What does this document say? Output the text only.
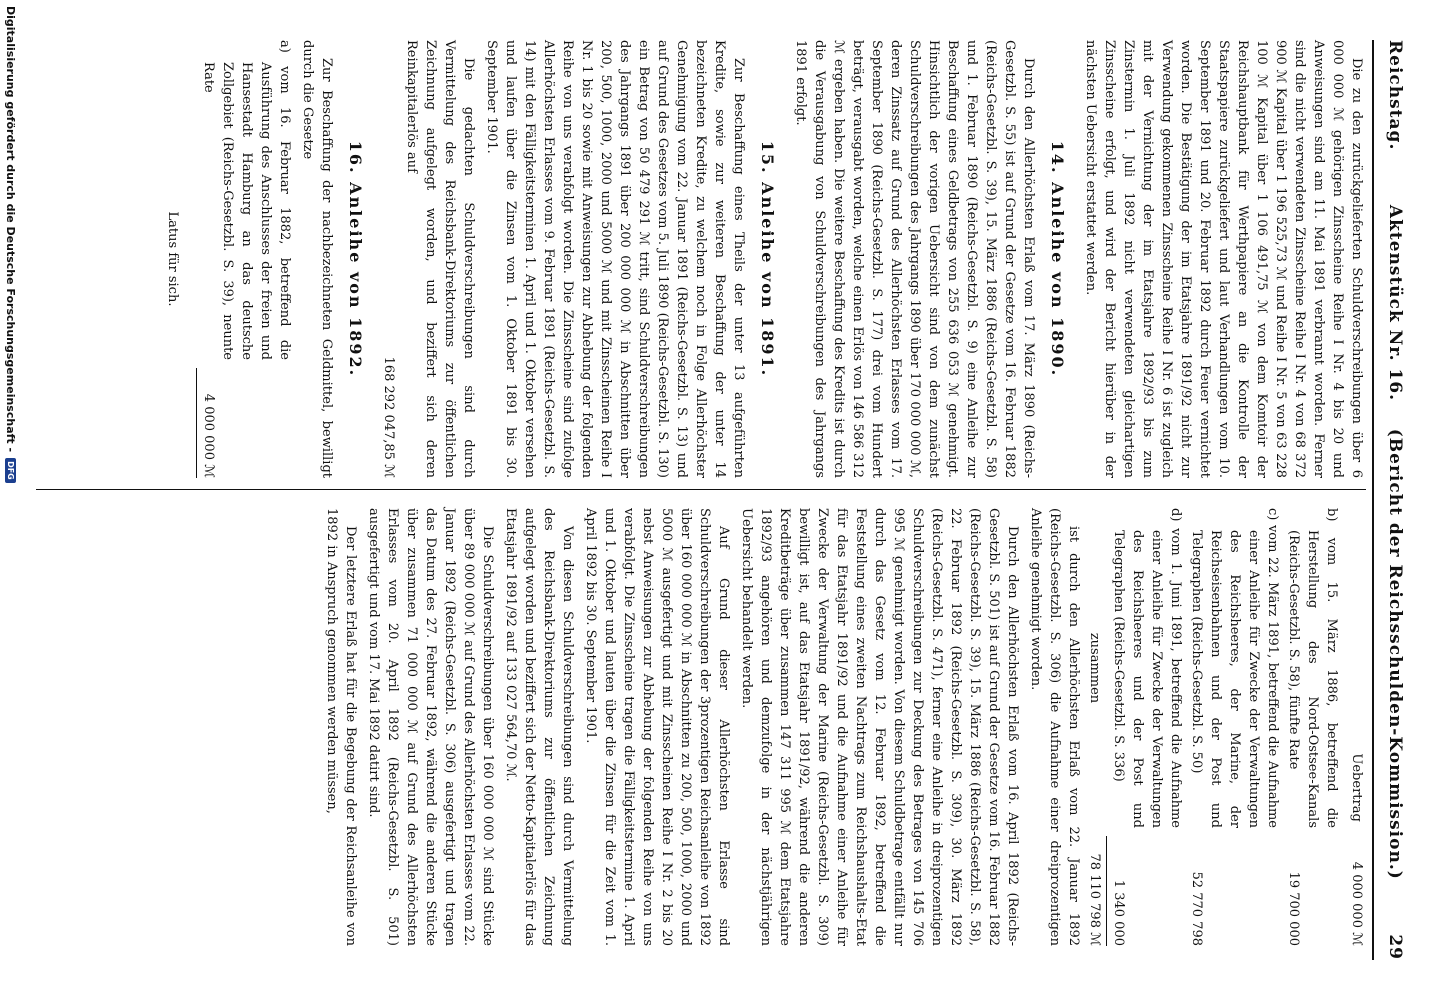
Reichstag.
Aktenstück Nr. 16.    (Bericht der Reichsschulden-Kommission.)
29

Die zu den zurückgelieferten Schuldverschreibungen über 6 000 000 ℳ gehörigen Zinsscheine Reihe I Nr. 4 bis 20 und Anweisungen sind am 11. Mai 1891 verbrannt worden. Ferner sind die nicht verwendeten Zinsscheine Reihe I Nr. 4 von 68 372 900 ℳ Kapital über 1 196 525,73 ℳ und Reihe I Nr. 5 von 63 228 100 ℳ Kapital über 1 106 491,75 ℳ von dem Komtoir der Reichshauptbank für Werthpapiere an die Kontrolle der Staatspapiere zurückgeliefert und laut Verhandlungen vom 10. September 1891 und 20. Februar 1892 durch Feuer vernichtet worden. Die Bestätigung der im Etatsjahre 1891/92 nicht zur Verwendung gekommenen Zinsscheine Reihe I Nr. 6 ist zugleich mit der Vernichtung der im Etatsjahre 1892/93 bis zum Zinstermin 1. Juli 1892 nicht verwendeten gleichartigen Zinsscheine erfolgt, und wird der Bericht hierüber in der nächsten Uebersicht erstattet werden.

14. Anleihe von 1890.

Durch den Allerhöchsten Erlaß vom 17. März 1890 (Reichs-Gesetzbl. S. 55) ist auf Grund der Gesetze vom 16. Februar 1882 (Reichs-Gesetzbl. S. 39), 15. März 1886 (Reichs-Gesetzbl. S. 58) und 1. Februar 1890 (Reichs-Gesetzbl. S. 9) eine Anleihe zur Beschaffung eines Geldbetrags von 255 636 053 ℳ genehmigt. Hinsichtlich der vorigen Uebersicht sind von dem zunächst Schuldverschreibungen des Jahrgangs 1890 über 170 000 000 ℳ, deren Zinssatz auf Grund des Allerhöchsten Erlasses vom 17. September 1890 (Reichs-Gesetzbl. S. 177) drei vom Hundert beträgt, verausgabt worden, welche einen Erlös von 146 586 312 ℳ ergeben haben. Die weitere Beschaffung des Kredits ist durch die Verausgabung von Schuldverschreibungen des Jahrgangs 1891 erfolgt.

15. Anleihe von 1891.

Zur Beschaffung eines Theils der unter 13 aufgeführten Kredite, sowie zur weiteren Beschaffung der unter 14 bezeichneten Kredite, zu welchem noch in Folge Allerhöchster Genehmigung vom 22. Januar 1891 (Reichs-Gesetzbl. S. 13) und auf Grund des Gesetzes vom 5. Juli 1890 (Reichs-Gesetzbl. S. 130) ein Betrag von 50 479 291 ℳ tritt, sind Schuldverschreibungen des Jahrgangs 1891 über 200 000 000 ℳ in Abschnitten über 200, 500, 1000, 2000 und 5000 ℳ und mit Zinsscheinen Reihe I Nr. 1 bis 20 sowie mit Anweisungen zur Abhebung der folgenden Reihe von uns verabfolgt worden. Die Zinsscheine sind zufolge Allerhöchsten Erlasses vom 9. Februar 1891 (Reichs-Gesetzbl. S. 14) mit den Fälligkeitsterminen 1. April und 1. Oktober versehen und laufen über die Zinsen vom 1. Oktober 1891 bis 30. September 1901.

Die gedachten Schuldverschreibungen sind durch Vermittelung des Reichsbank-Direktoriums zur öffentlichen Zeichnung aufgelegt worden, und beziffert sich deren Reinkapitalerlös auf

168 292 047,85 ℳ
16. Anleihe von 1892.

Zur Beschaffung der nachbezeichneten Geldmittel, bewilligt durch die Gesetze

a) vom 16. Februar 1882, betreffend die Ausführung des Anschlusses der freien und Hansestadt Hamburg an das deutsche Zollgebiet (Reichs-Gesetzbl. S. 39), neunte Rate
4 000 000 ℳ
Latus für sich.
Uebertrag
4 000 000 ℳ
b) vom 15. März 1886, betreffend die Herstellung des Nord-Ostsee-Kanals (Reichs-Gesetzbl. S. 58), fünfte Rate
19 700 000
c) vom 22. März 1891, betreffend die Aufnahme einer Anleihe für Zwecke der Verwaltungen des Reichsheeres, der Marine, der Reichseisenbahnen und der Post und Telegraphen (Reichs-Gesetzbl. S. 50)
52 770 798
d) vom 1. Juni 1891, betreffend die Aufnahme einer Anleihe für Zwecke der Verwaltungen des Reichsheeres und der Post und Telegraphen (Reichs-Gesetzbl. S. 336)
1 340 000
zusammen
78 110 798 ℳ

ist durch den Allerhöchsten Erlaß vom 22. Januar 1892 (Reichs-Gesetzbl. S. 306) die Aufnahme einer dreiprozentigen Anleihe genehmigt worden.

Durch den Allerhöchsten Erlaß vom 16. April 1892 (Reichs-Gesetzbl. S. 501) ist auf Grund der Gesetze vom 16. Februar 1882 (Reichs-Gesetzbl. S. 39), 15. März 1886 (Reichs-Gesetzbl. S. 58), 22. Februar 1892 (Reichs-Gesetzbl. S. 309), 30. März 1892 (Reichs-Gesetzbl. S. 471), ferner eine Anleihe in dreiprozentigen Schuldverschreibungen zur Deckung des Betrages von 145 706 995 ℳ genehmigt worden. Von diesem Schuldbetrage entfällt nur durch das Gesetz vom 12. Februar 1892, betreffend die Feststellung eines zweiten Nachtrags zum Reichshaushalts-Etat für das Etatsjahr 1891/92 und die Aufnahme einer Anleihe für Zwecke der Verwaltung der Marine (Reichs-Gesetzbl. S. 309) bewilligt ist, auf das Etatsjahr 1891/92, während die anderen Kreditbeträge über zusammen 147 311 995 ℳ dem Etatsjahre 1892/93 angehören und demzufolge in der nächstjährigen Uebersicht behandelt werden.

Auf Grund dieser Allerhöchsten Erlasse sind Schuldverschreibungen der 3prozentigen Reichsanleihe von 1892 über 160 000 000 ℳ in Abschnitten zu 200, 500, 1000, 2000 und 5000 ℳ ausgefertigt und mit Zinsscheinen Reihe I Nr. 2 bis 20 nebst Anweisungen zur Abhebung der folgenden Reihe von uns verabfolgt. Die Zinsscheine tragen die Fälligkeitstermine 1. April und 1. Oktober und lauten über die Zinsen für die Zeit vom 1. April 1892 bis 30. September 1901.

Von diesen Schuldverschreibungen sind durch Vermittelung des Reichsbank-Direktoriums zur öffentlichen Zeichnung aufgelegt worden und beziffert sich der Netto-Kapitalerlös für das Etatsjahr 1891/92 auf 133 027 564,70 ℳ.

Die Schuldverschreibungen über 160 000 000 ℳ sind Stücke über 89 000 000 ℳ auf Grund des Allerhöchsten Erlasses vom 22. Januar 1892 (Reichs-Gesetzbl. S. 306) ausgefertigt und tragen das Datum des 27. Februar 1892, während die anderen Stücke über zusammen 71 000 000 ℳ auf Grund des Allerhöchsten Erlasses vom 20. April 1892 (Reichs-Gesetzbl. S. 501) ausgefertigt und vom 17. Mai 1892 datirt sind.

Der letztere Erlaß hat für die Begebung der Reichsanleihe von 1892 in Anspruch genommen werden müssen,

Digitalisierung gefördert durch die Deutsche Forschungsgemeinschaft -
DFG
